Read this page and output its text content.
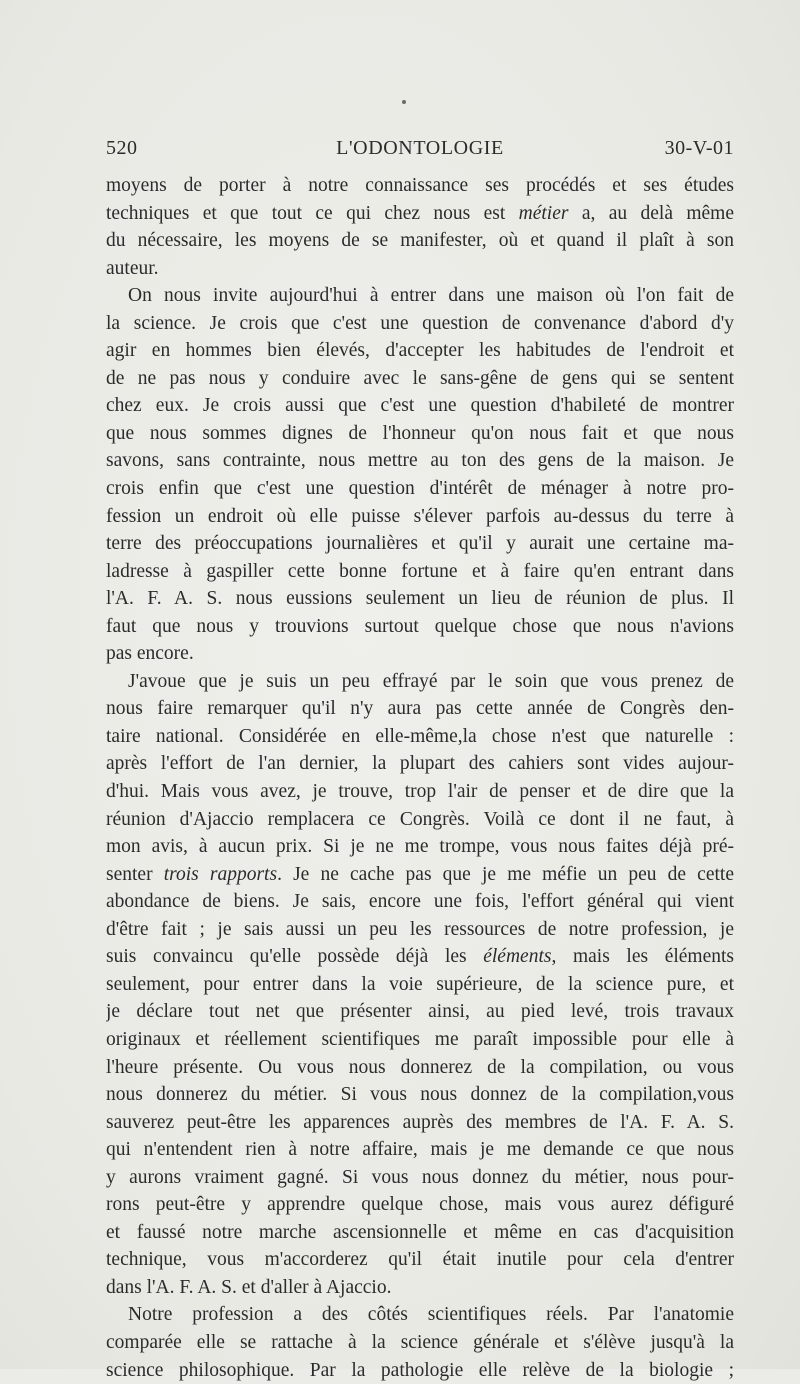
520	L'ODONTOLOGIE	30-V-01
moyens de porter à notre connaissance ses procédés et ses études
techniques et que tout ce qui chez nous est métier a, au delà même
du nécessaire, les moyens de se manifester, où et quand il plaît à son
auteur.
On nous invite aujourd'hui à entrer dans une maison où l'on fait de
la science. Je crois que c'est une question de convenance d'abord d'y
agir en hommes bien élevés, d'accepter les habitudes de l'endroit et
de ne pas nous y conduire avec le sans-gêne de gens qui se sentent
chez eux. Je crois aussi que c'est une question d'habileté de montrer
que nous sommes dignes de l'honneur qu'on nous fait et que nous
savons, sans contrainte, nous mettre au ton des gens de la maison. Je
crois enfin que c'est une question d'intérêt de ménager à notre pro-
fession un endroit où elle puisse s'élever parfois au-dessus du terre à
terre des préoccupations journalières et qu'il y aurait une certaine ma-
ladresse à gaspiller cette bonne fortune et à faire qu'en entrant dans
l'A. F. A. S. nous eussions seulement un lieu de réunion de plus. Il
faut que nous y trouvions surtout quelque chose que nous n'avions
pas encore.
J'avoue que je suis un peu effrayé par le soin que vous prenez de
nous faire remarquer qu'il n'y aura pas cette année de Congrès den-
taire national. Considérée en elle-même,la chose n'est que naturelle :
après l'effort de l'an dernier, la plupart des cahiers sont vides aujour-
d'hui. Mais vous avez, je trouve, trop l'air de penser et de dire que la
réunion d'Ajaccio remplacera ce Congrès. Voilà ce dont il ne faut, à
mon avis, à aucun prix. Si je ne me trompe, vous nous faites déjà pré-
senter trois rapports. Je ne cache pas que je me méfie un peu de cette
abondance de biens. Je sais, encore une fois, l'effort général qui vient
d'être fait ; je sais aussi un peu les ressources de notre profession, je
suis convaincu qu'elle possède déjà les éléments, mais les éléments
seulement, pour entrer dans la voie supérieure, de la science pure, et
je déclare tout net que présenter ainsi, au pied levé, trois travaux
originaux et réellement scientifiques me paraît impossible pour elle à
l'heure présente. Ou vous nous donnerez de la compilation, ou vous
nous donnerez du métier. Si vous nous donnez de la compilation,vous
sauverez peut-être les apparences auprès des membres de l'A. F. A. S.
qui n'entendent rien à notre affaire, mais je me demande ce que nous
y aurons vraiment gagné. Si vous nous donnez du métier, nous pour-
rons peut-être y apprendre quelque chose, mais vous aurez défiguré
et faussé notre marche ascensionnelle et même en cas d'acquisition
technique, vous m'accorderez qu'il était inutile pour cela d'entrer
dans l'A. F. A. S. et d'aller à Ajaccio.
Notre profession a des côtés scientifiques réels. Par l'anatomie
comparée elle se rattache à la science générale et s'élève jusqu'à la
science philosophique. Par la pathologie elle relève de la biologie ;
